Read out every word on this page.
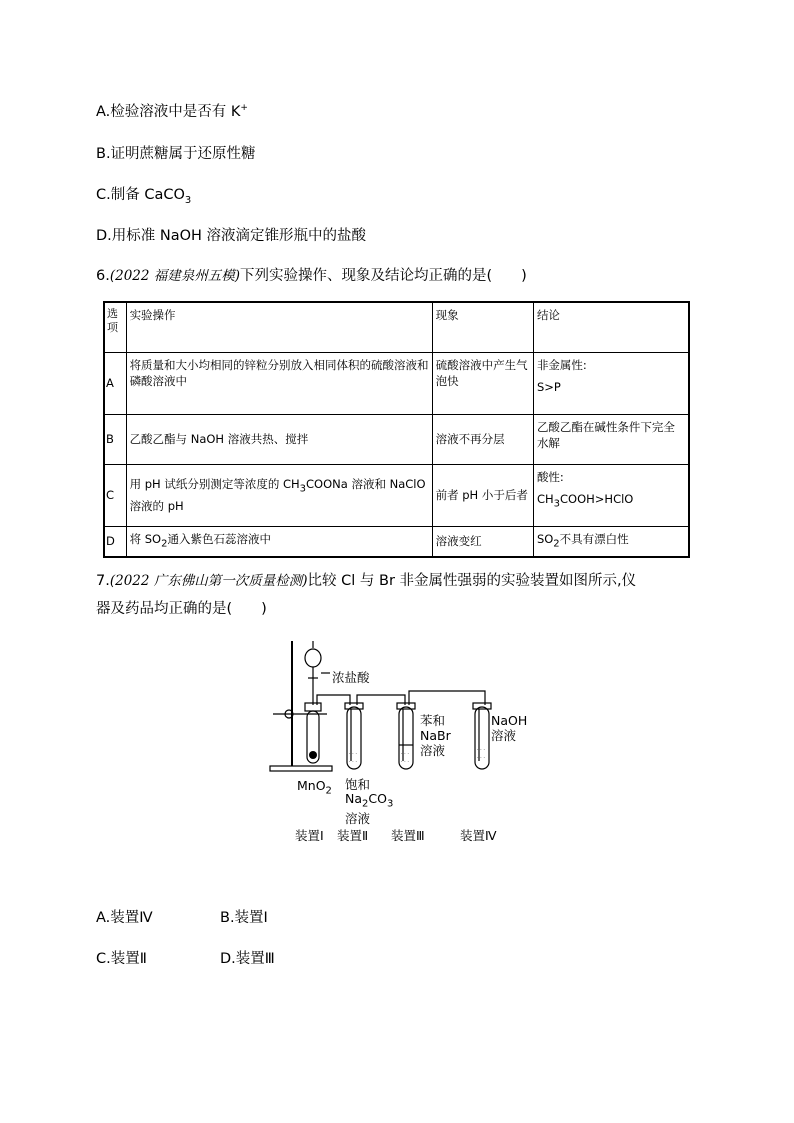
A.检验溶液中是否有 K+
B.证明蔗糖属于还原性糖
C.制备 CaCO$_3$
D.用标准 NaOH 溶液滴定锥形瓶中的盐酸
6.(2022 福建泉州五模)下列实验操作、现象及结论均正确的是(　　)
选项	实验操作	现象	结论
A	将质量和大小均相同的锌粒分别放入相同体积的硫酸溶液和磷酸溶液中	硫酸溶液中产生气泡快	非金属性:
S>P

B	乙酸乙酯与 NaOH 溶液共热、搅拌	溶液不再分层	乙酸乙酯在碱性条件下完全水解
C	用 pH 试纸分别测定等浓度的 CH3COONa 溶液和 NaClO 溶液的 pH	前者 pH 小于后者	酸性:
CH3COOH>HClO

D	将 SO2通入紫色石蕊溶液中	溶液变红	SO2不具有漂白性
7.(2022 广东佛山第一次质量检测)比较 Cl 与 Br 非金属性强弱的实验装置如图所示,仪
器及药品均正确的是(　　)
· · ·
· · ·
· · ·
· · ·
· · ·
· · ·
浓盐酸
MnO$_2$ 饱和
$Na_2CO_3$
溶液
苯和
NaBr
溶液
NaOH
溶液
装置Ⅰ 装置Ⅱ 装置Ⅲ	装置Ⅳ
A.装置Ⅳ	B.装置Ⅰ
C.装置Ⅱ	D.装置Ⅲ
